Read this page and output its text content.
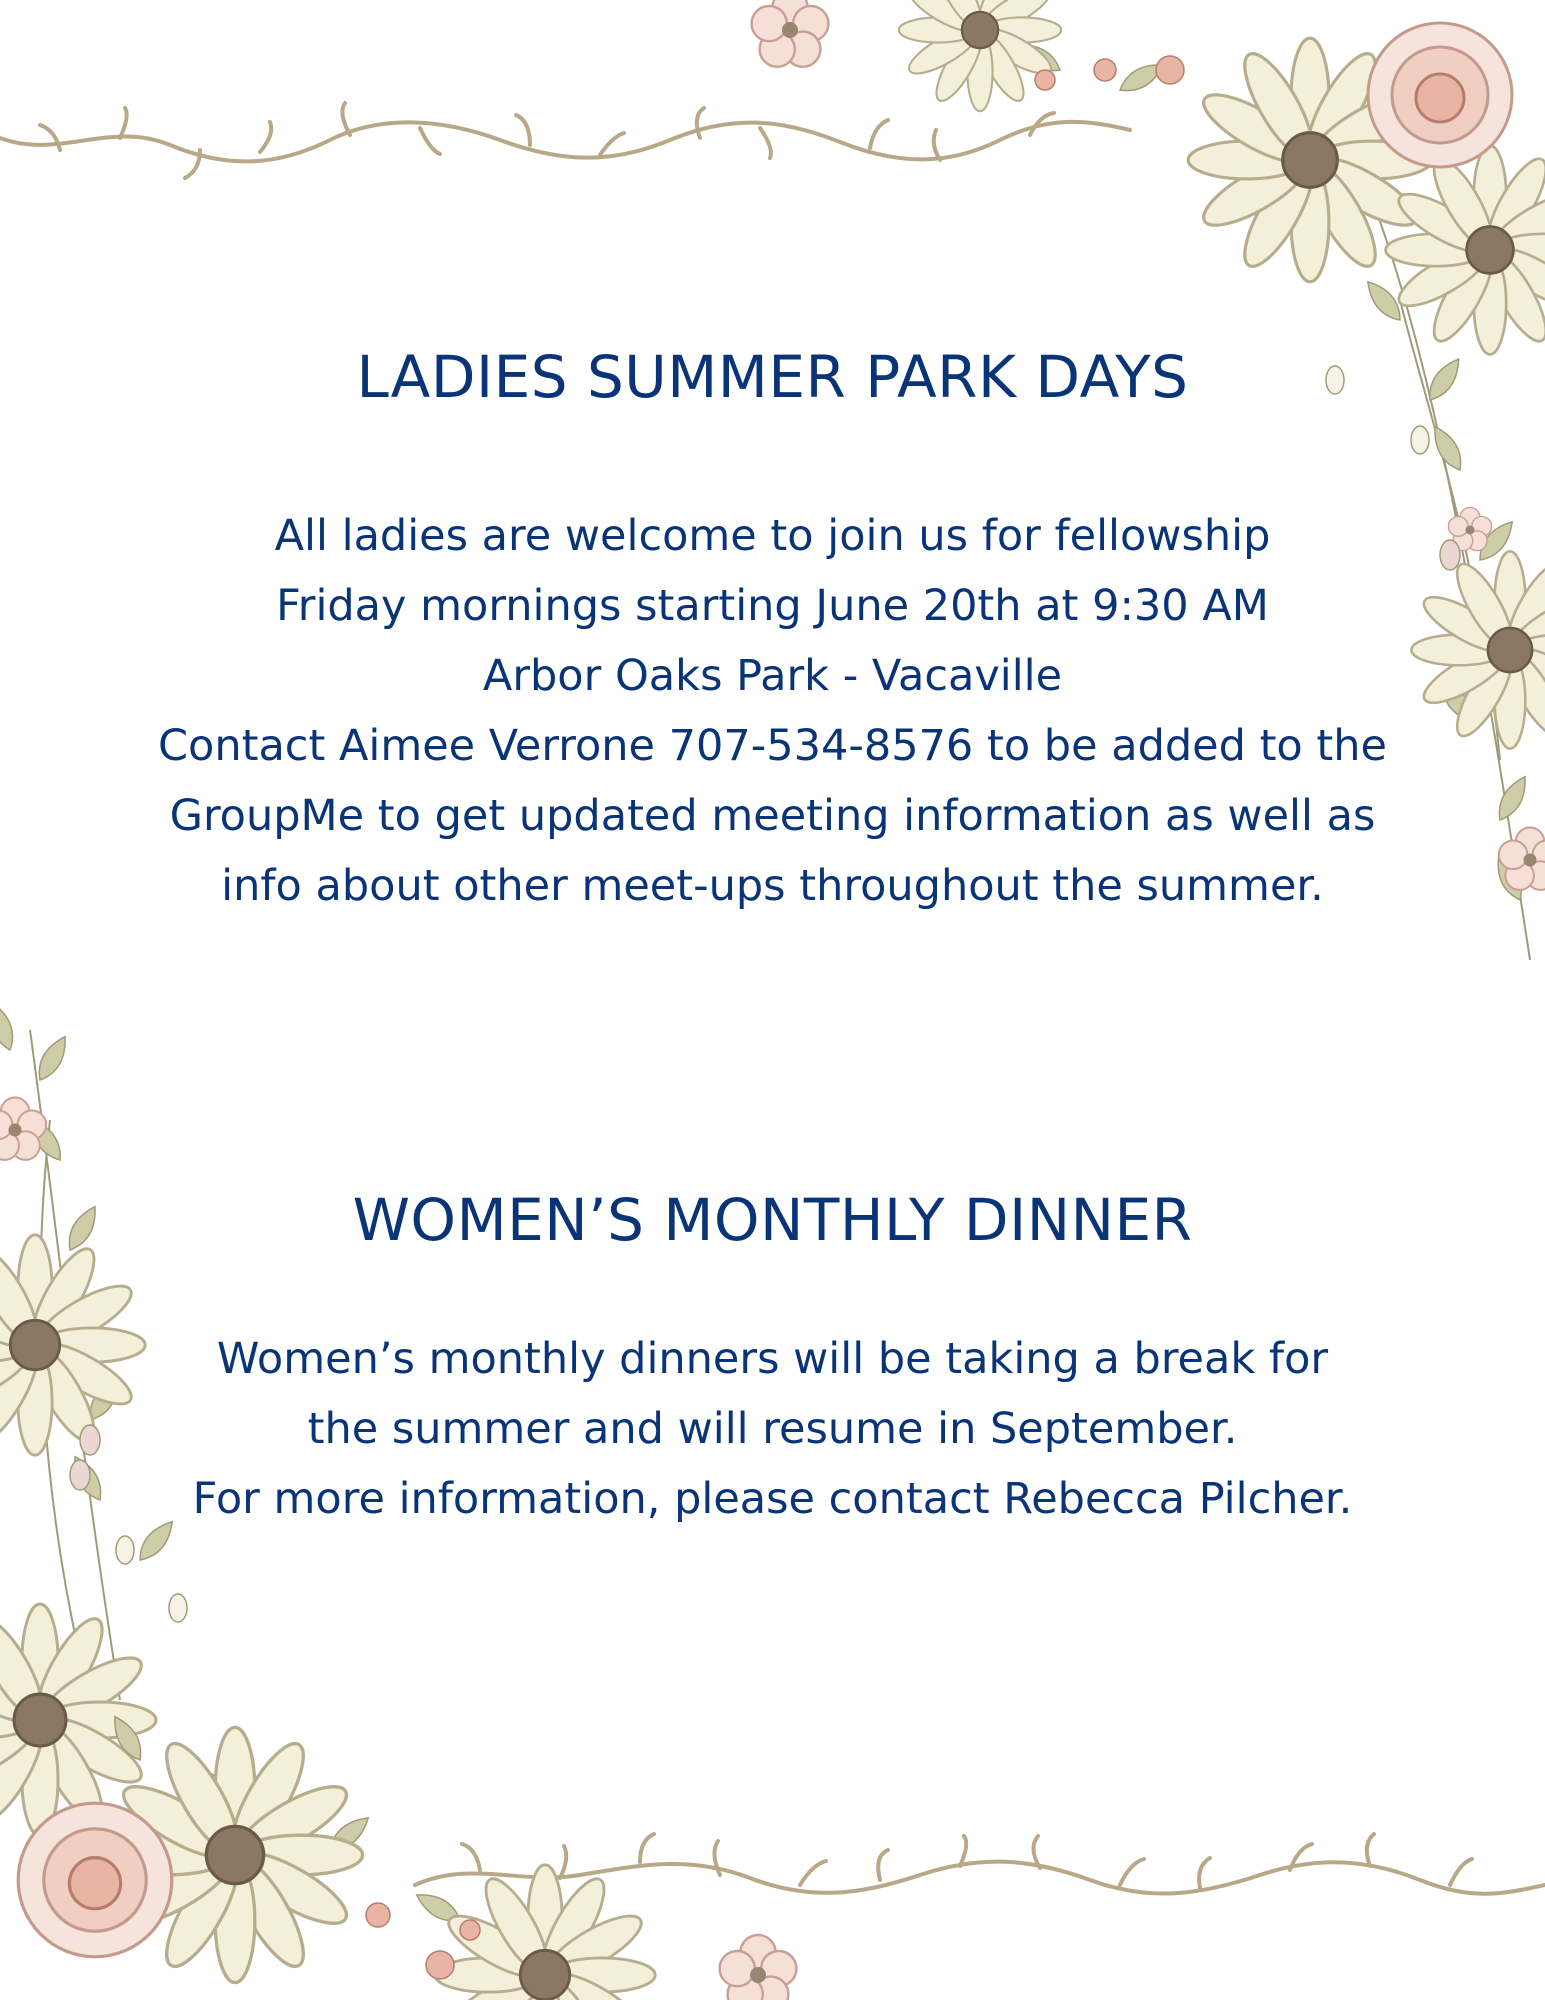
LADIES SUMMER PARK DAYS
All ladies are welcome to join us for fellowship
Friday mornings starting June 20th at 9:30 AM
Arbor Oaks Park - Vacaville
Contact Aimee Verrone 707-534-8576 to be added to the
GroupMe to get updated meeting information as well as
info about other meet-ups throughout the summer.
WOMEN’S MONTHLY DINNER
Women’s monthly dinners will be taking a break for
the summer and will resume in September.
For more information, please contact Rebecca Pilcher.
